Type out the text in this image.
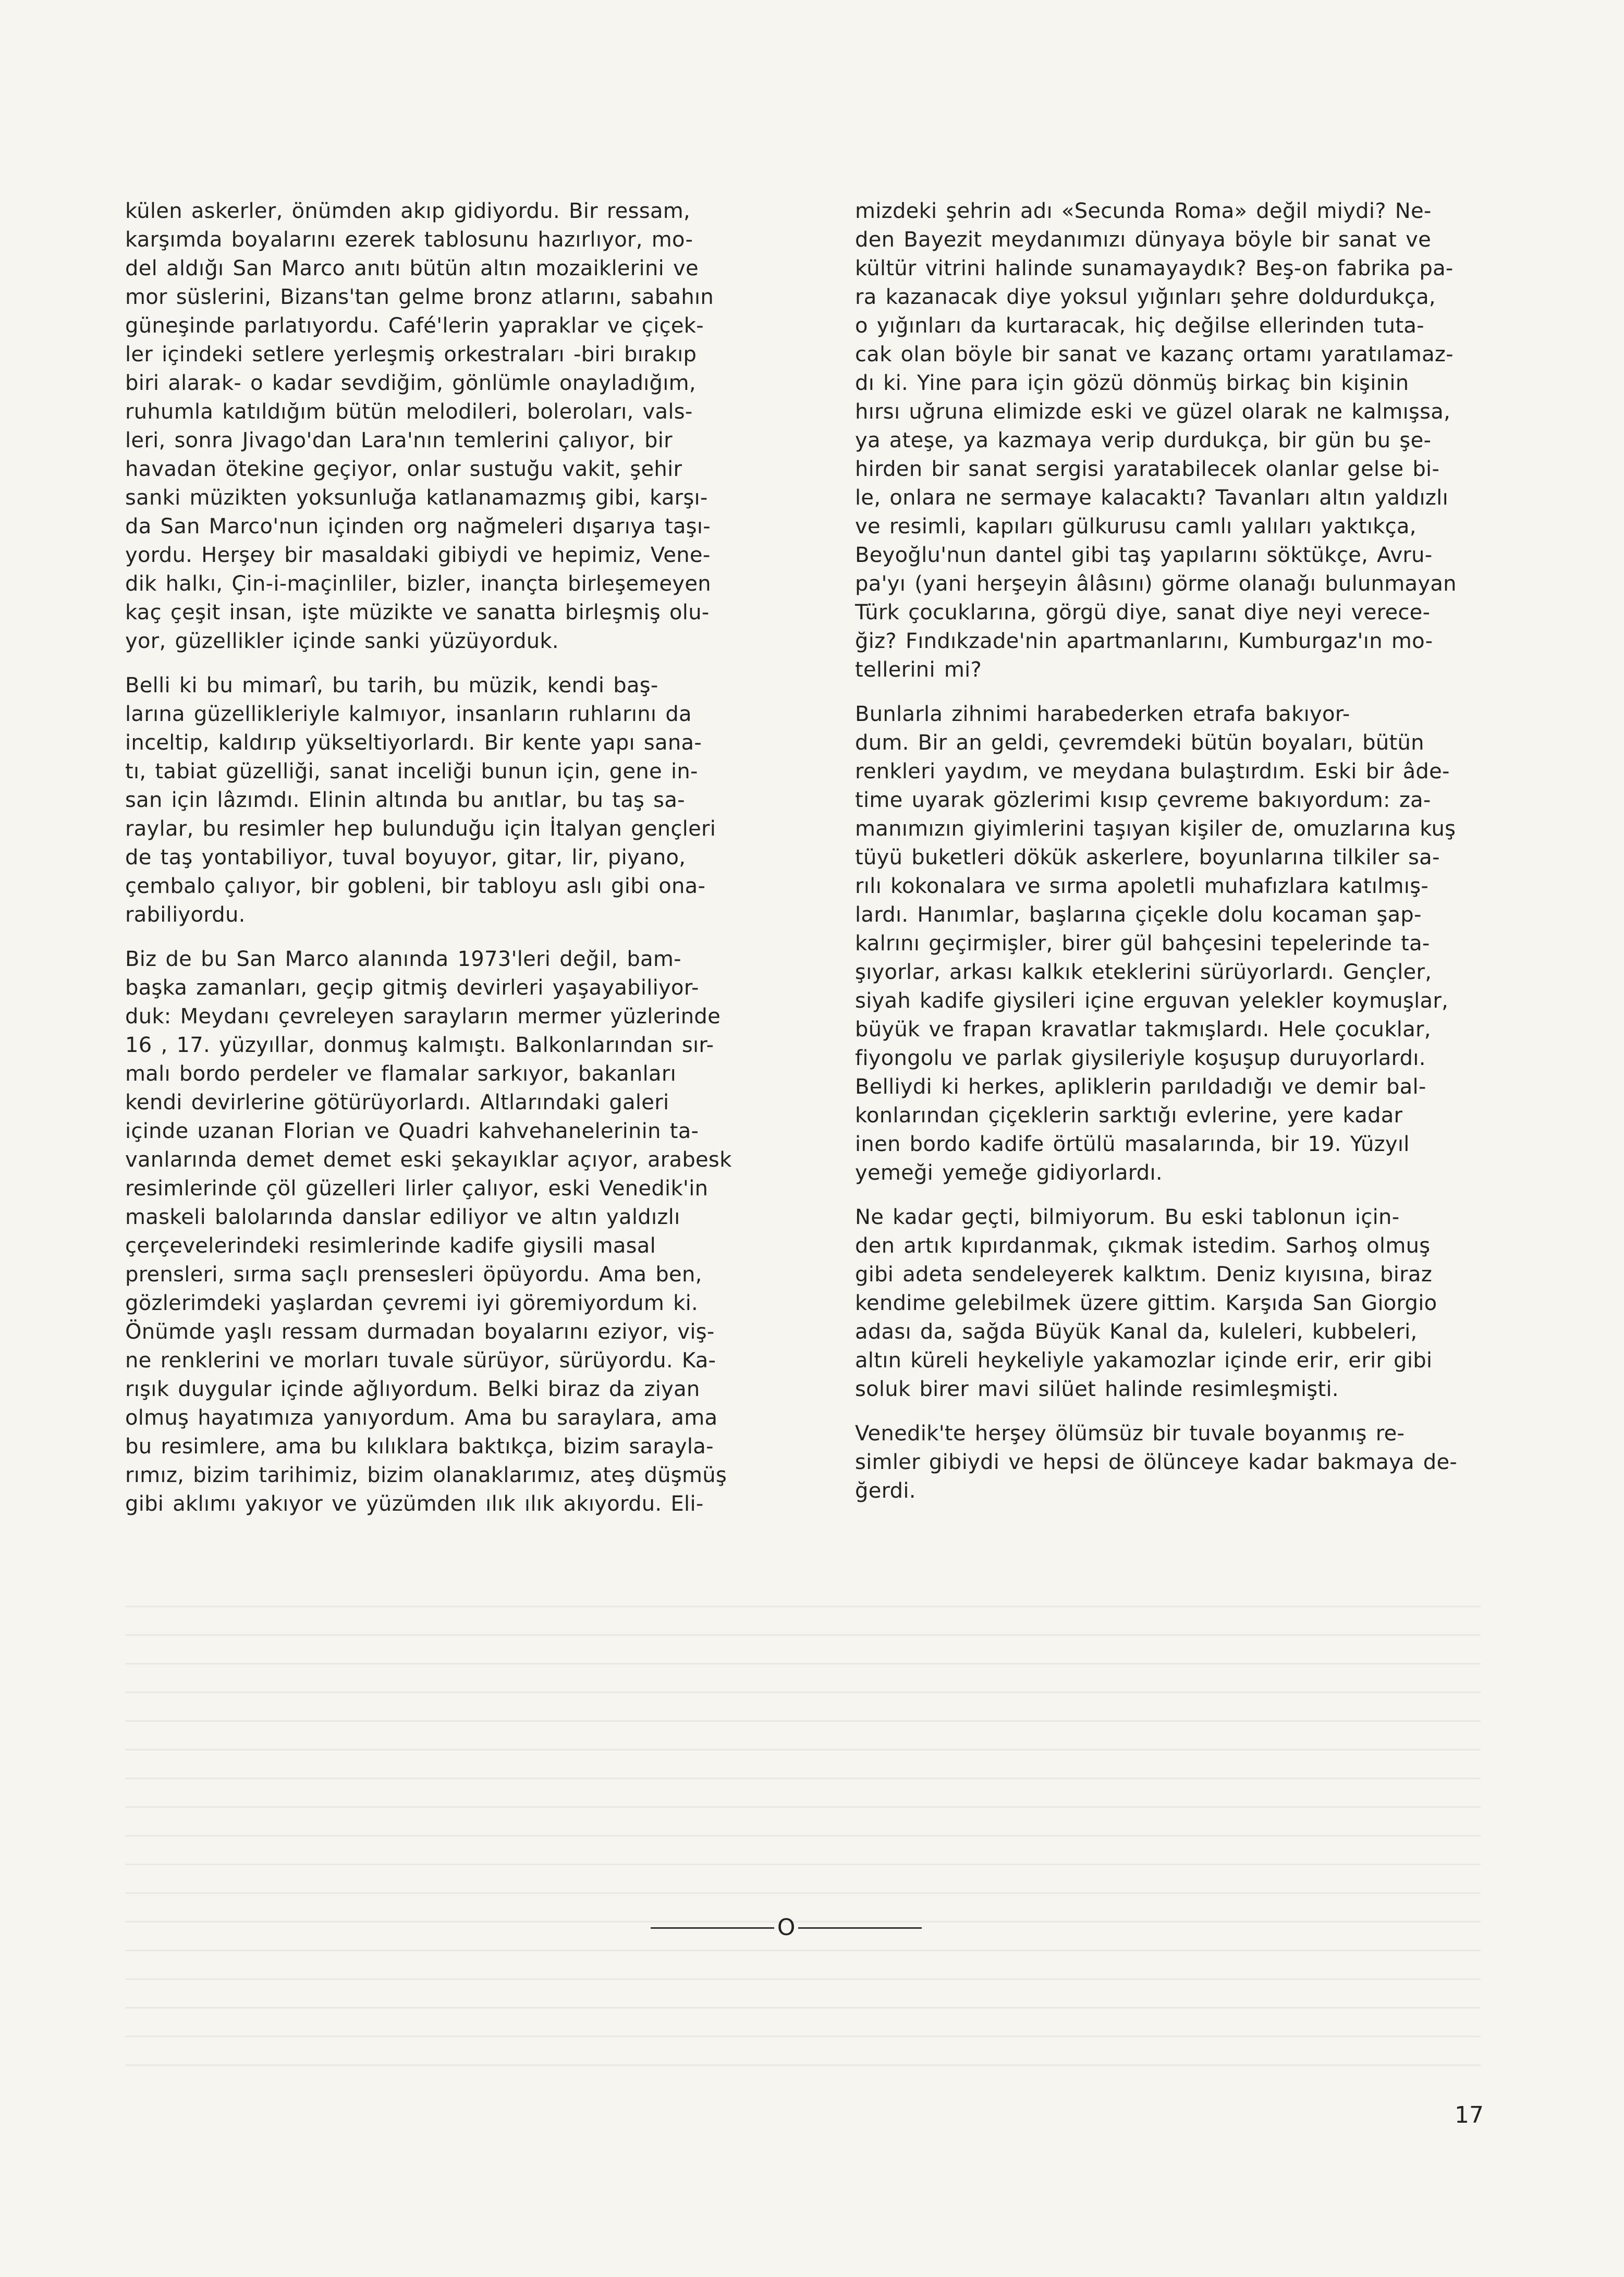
külen askerler, önümden akıp gidiyordu. Bir ressam,
karşımda boyalarını ezerek tablosunu hazırlıyor, mo-
del aldığı San Marco anıtı bütün altın mozaiklerini ve
mor süslerini, Bizans'tan gelme bronz atlarını, sabahın
güneşinde parlatıyordu. Café'lerin yapraklar ve çiçek-
ler içindeki setlere yerleşmiş orkestraları -biri bırakıp
biri alarak- o kadar sevdiğim, gönlümle onayladığım,
ruhumla katıldığım bütün melodileri, boleroları, vals-
leri, sonra Jivago'dan Lara'nın temlerini çalıyor, bir
havadan ötekine geçiyor, onlar sustuğu vakit, şehir
sanki müzikten yoksunluğa katlanamazmış gibi, karşı-
da San Marco'nun içinden org nağmeleri dışarıya taşı-
yordu. Herşey bir masaldaki gibiydi ve hepimiz, Vene-
dik halkı, Çin-i-maçinliler, bizler, inançta birleşemeyen
kaç çeşit insan, işte müzikte ve sanatta birleşmiş olu-
yor, güzellikler içinde sanki yüzüyorduk.

Belli ki bu mimarî, bu tarih, bu müzik, kendi baş-
larına güzellikleriyle kalmıyor, insanların ruhlarını da
inceltip, kaldırıp yükseltiyorlardı. Bir kente yapı sana-
tı, tabiat güzelliği, sanat inceliği bunun için, gene in-
san için lâzımdı. Elinin altında bu anıtlar, bu taş sa-
raylar, bu resimler hep bulunduğu için İtalyan gençleri
de taş yontabiliyor, tuval boyuyor, gitar, lir, piyano,
çembalo çalıyor, bir gobleni, bir tabloyu aslı gibi ona-
rabiliyordu.

Biz de bu San Marco alanında 1973'leri değil, bam-
başka zamanları, geçip gitmiş devirleri yaşayabiliyor-
duk: Meydanı çevreleyen sarayların mermer yüzlerinde
16 , 17. yüzyıllar, donmuş kalmıştı. Balkonlarından sır-
malı bordo perdeler ve flamalar sarkıyor, bakanları
kendi devirlerine götürüyorlardı. Altlarındaki galeri
içinde uzanan Florian ve Quadri kahvehanelerinin ta-
vanlarında demet demet eski şekayıklar açıyor, arabesk
resimlerinde çöl güzelleri lirler çalıyor, eski Venedik'in
maskeli balolarında danslar ediliyor ve altın yaldızlı
çerçevelerindeki resimlerinde kadife giysili masal
prensleri, sırma saçlı prensesleri öpüyordu. Ama ben,
gözlerimdeki yaşlardan çevremi iyi göremiyordum ki.
Önümde yaşlı ressam durmadan boyalarını eziyor, viş-
ne renklerini ve morları tuvale sürüyor, sürüyordu. Ka-
rışık duygular içinde ağlıyordum. Belki biraz da ziyan
olmuş hayatımıza yanıyordum. Ama bu saraylara, ama
bu resimlere, ama bu kılıklara baktıkça, bizim sarayla-
rımız, bizim tarihimiz, bizim olanaklarımız, ateş düşmüş
gibi aklımı yakıyor ve yüzümden ılık ılık akıyordu. Eli-

mizdeki şehrin adı «Secunda Roma» değil miydi? Ne-
den Bayezit meydanımızı dünyaya böyle bir sanat ve
kültür vitrini halinde sunamayaydık? Beş-on fabrika pa-
ra kazanacak diye yoksul yığınları şehre doldurdukça,
o yığınları da kurtaracak, hiç değilse ellerinden tuta-
cak olan böyle bir sanat ve kazanç ortamı yaratılamaz-
dı ki. Yine para için gözü dönmüş birkaç bin kişinin
hırsı uğruna elimizde eski ve güzel olarak ne kalmışsa,
ya ateşe, ya kazmaya verip durdukça, bir gün bu şe-
hirden bir sanat sergisi yaratabilecek olanlar gelse bi-
le, onlara ne sermaye kalacaktı? Tavanları altın yaldızlı
ve resimli, kapıları gülkurusu camlı yalıları yaktıkça,
Beyoğlu'nun dantel gibi taş yapılarını söktükçe, Avru-
pa'yı (yani herşeyin âlâsını) görme olanağı bulunmayan
Türk çocuklarına, görgü diye, sanat diye neyi verece-
ğiz? Fındıkzade'nin apartmanlarını, Kumburgaz'ın mo-
tellerini mi?

Bunlarla zihnimi harabederken etrafa bakıyor-
dum. Bir an geldi, çevremdeki bütün boyaları, bütün
renkleri yaydım, ve meydana bulaştırdım. Eski bir âde-
time uyarak gözlerimi kısıp çevreme bakıyordum: za-
manımızın giyimlerini taşıyan kişiler de, omuzlarına kuş
tüyü buketleri dökük askerlere, boyunlarına tilkiler sa-
rılı kokonalara ve sırma apoletli muhafızlara katılmış-
lardı. Hanımlar, başlarına çiçekle dolu kocaman şap-
kalrını geçirmişler, birer gül bahçesini tepelerinde ta-
şıyorlar, arkası kalkık eteklerini sürüyorlardı. Gençler,
siyah kadife giysileri içine erguvan yelekler koymuşlar,
büyük ve frapan kravatlar takmışlardı. Hele çocuklar,
fiyongolu ve parlak giysileriyle koşuşup duruyorlardı.
Belliydi ki herkes, apliklerin parıldadığı ve demir bal-
konlarından çiçeklerin sarktığı evlerine, yere kadar
inen bordo kadife örtülü masalarında, bir 19. Yüzyıl
yemeği yemeğe gidiyorlardı.

Ne kadar geçti, bilmiyorum. Bu eski tablonun için-
den artık kıpırdanmak, çıkmak istedim. Sarhoş olmuş
gibi adeta sendeleyerek kalktım. Deniz kıyısına, biraz
kendime gelebilmek üzere gittim. Karşıda San Giorgio
adası da, sağda Büyük Kanal da, kuleleri, kubbeleri,
altın küreli heykeliyle yakamozlar içinde erir, erir gibi
soluk birer mavi silüet halinde resimleşmişti.

Venedik'te herşey ölümsüz bir tuvale boyanmış re-
simler gibiydi ve hepsi de ölünceye kadar bakmaya de-
ğerdi.

O
17
